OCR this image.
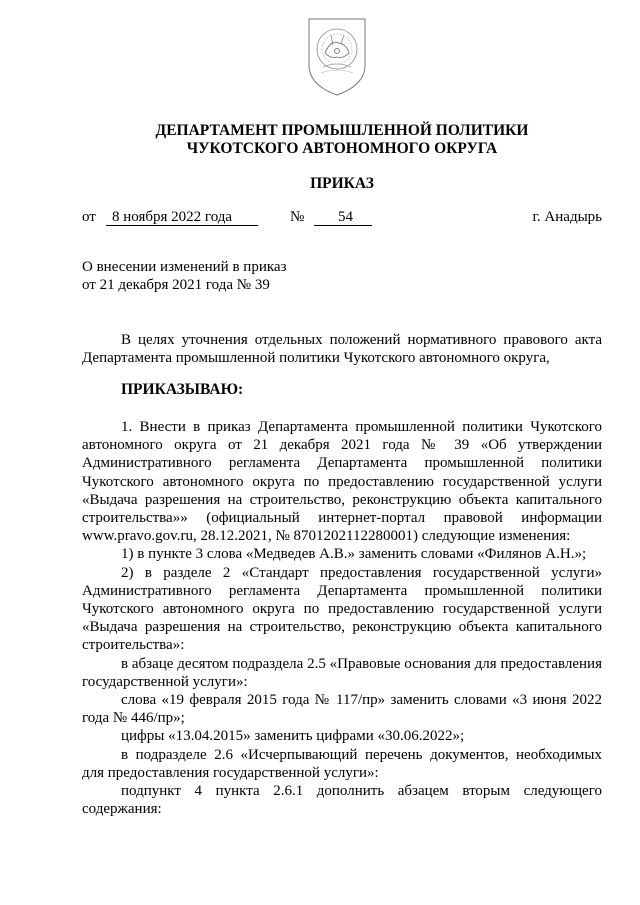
ДЕПАРТАМЕНТ ПРОМЫШЛЕННОЙ ПОЛИТИКИ
ЧУКОТСКОГО АВТОНОМНОГО ОКРУГА
ПРИКАЗ
от 8 ноября 2022 года	№ 54	г. Анадырь
О внесении изменений в приказ
от 21 декабря 2021 года № 39
В целях уточнения отдельных положений нормативного правового акта Департамента промышленной политики Чукотского автономного округа,
ПРИКАЗЫВАЮ:

1. Внести в приказ Департамента промышленной политики Чукотского автономного округа от 21 декабря 2021 года № 39 «Об утверждении Административного регламента Департамента промышленной политики Чукотского автономного округа по предоставлению государственной услуги «Выдача разрешения на строительство, реконструкцию объекта капитального строительства»» (официальный интернет-портал правовой информации www.pravo.gov.ru, 28.12.2021, № 8701202112280001) следующие изменения:

1) в пункте 3 слова «Медведев А.В.» заменить словами «Филянов А.Н.»;

2) в разделе 2 «Стандарт предоставления государственной услуги» Административного регламента Департамента промышленной политики Чукотского автономного округа по предоставлению государственной услуги «Выдача разрешения на строительство, реконструкцию объекта капитального строительства»:

в абзаце десятом подраздела 2.5 «Правовые основания для предоставления государственной услуги»:

слова «19 февраля 2015 года № 117/пр» заменить словами «3 июня 2022 года № 446/пр»;

цифры «13.04.2015» заменить цифрами «30.06.2022»;

в подразделе 2.6 «Исчерпывающий перечень документов, необходимых для предоставления государственной услуги»:

подпункт 4 пункта 2.6.1 дополнить абзацем вторым следующего содержания:
